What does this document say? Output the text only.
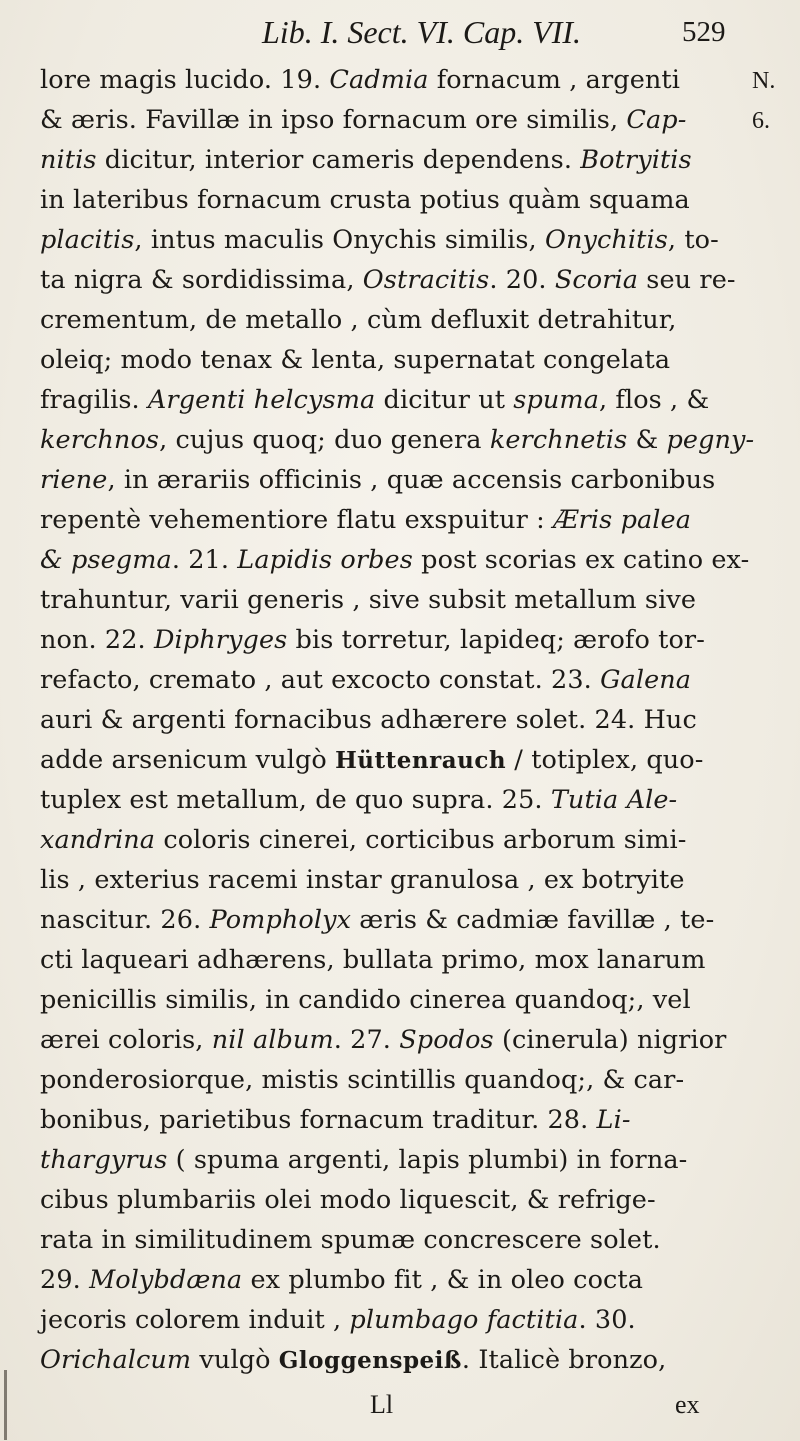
Lib. I. Sect. VI. Cap. VII.	529
N.
6.
lore magis lucido. 19. Cadmia fornacum , argenti
& æris. Favillæ in ipso fornacum ore similis, Cap-
nitis dicitur, interior cameris dependens. Botryitis
in lateribus fornacum crusta potius quàm squama
placitis, intus maculis Onychis similis, Onychitis, to-
ta nigra & sordidissima, Ostracitis. 20. Scoria seu re-
crementum, de metallo , cùm defluxit detrahitur,
oleiq; modo tenax & lenta, supernatat congelata
fragilis. Argenti helcysma dicitur ut spuma, flos , &
kerchnos, cujus quoq; duo genera kerchnetis & pegny-
riene, in ærariis officinis , quæ accensis carbonibus
repentè vehementiore flatu exspuitur : Æris palea
& psegma. 21. Lapidis orbes post scorias ex catino ex-
trahuntur, varii generis , sive subsit metallum sive
non. 22. Diphryges bis torretur, lapideq; ærofo tor-
refacto, cremato , aut excocto constat. 23. Galena
auri & argenti fornacibus adhærere solet. 24. Huc
adde arsenicum vulgò Hüttenrauch / totiplex, quo-
tuplex est metallum, de quo supra. 25. Tutia Ale-
xandrina coloris cinerei, corticibus arborum simi-
lis , exterius racemi instar granulosa , ex botryite
nascitur. 26. Pompholyx æris & cadmiæ favillæ , te-
cti laqueari adhærens, bullata primo, mox lanarum
penicillis similis, in candido cinerea quandoq;, vel
ærei coloris, nil album. 27. Spodos (cinerula) nigrior
ponderosiorque, mistis scintillis quandoq;, & car-
bonibus, parietibus fornacum traditur. 28. Li-
thargyrus ( spuma argenti, lapis plumbi) in forna-
cibus plumbariis olei modo liquescit, & refrige-
rata in similitudinem spumæ concrescere solet.
29. Molybdæna ex plumbo fit , & in oleo cocta
jecoris colorem induit , plumbago factitia. 30.
Orichalcum vulgò Gloggenspeiß. Italicè bronzo,
Ll	ex
